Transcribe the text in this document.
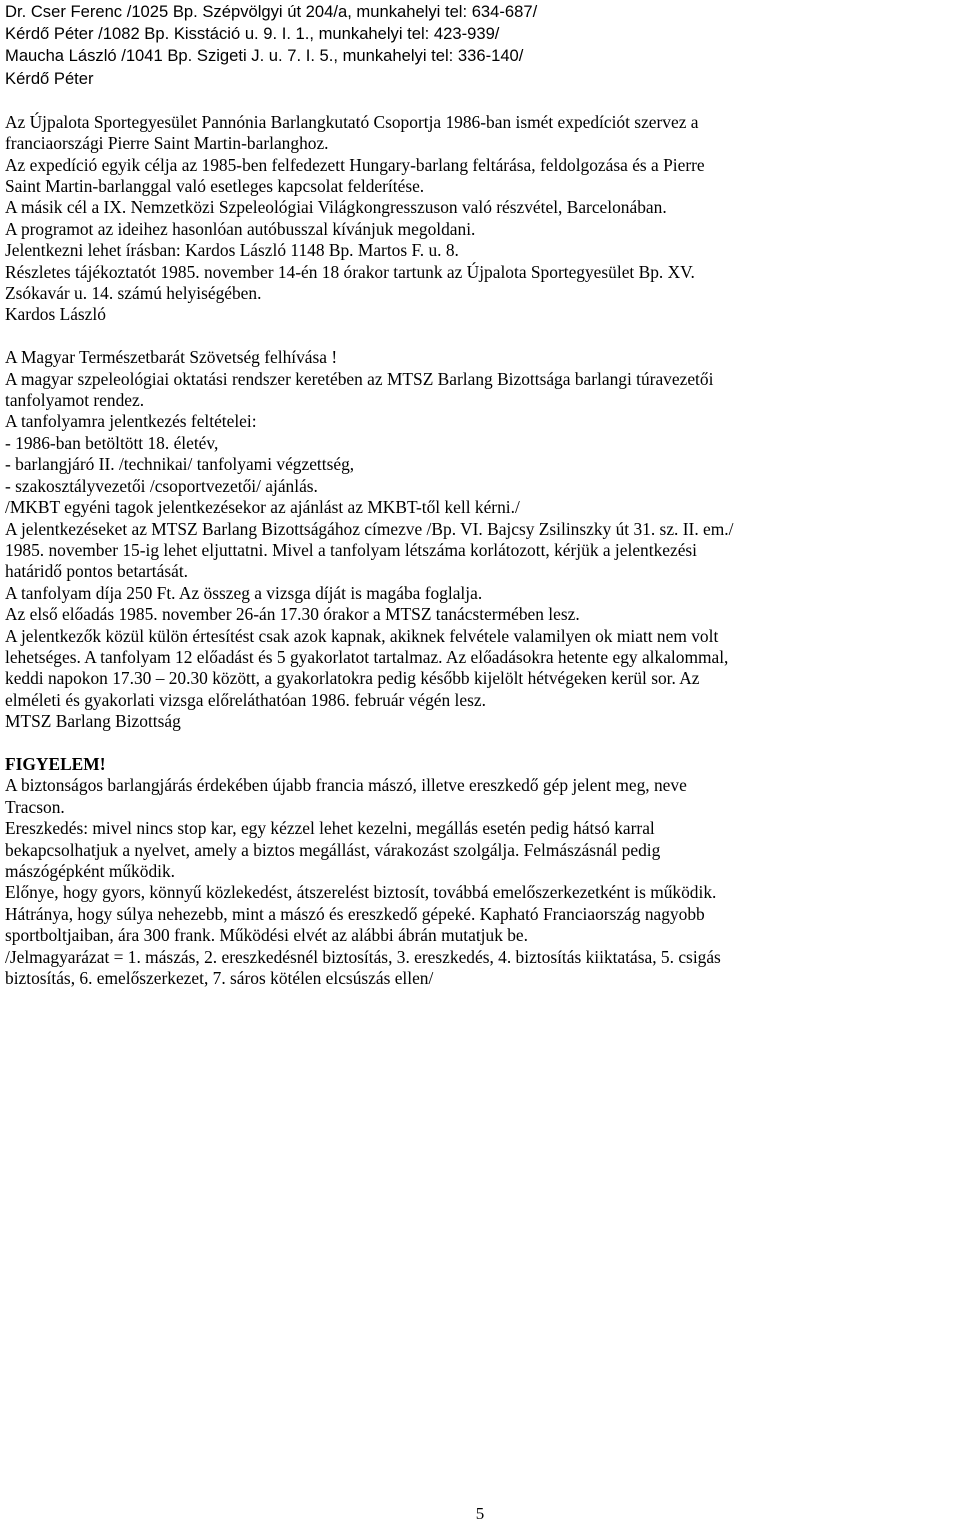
Dr. Cser Ferenc /1025 Bp. Szépvölgyi út 204/a, munkahelyi tel: 634-687/
Kérdő Péter /1082 Bp. Kisstáció u. 9. I. 1., munkahelyi tel: 423-939/
Maucha László /1041 Bp. Szigeti J. u. 7. I. 5., munkahelyi tel: 336-140/
Kérdő Péter
Az Újpalota Sportegyesület Pannónia Barlangkutató Csoportja 1986-ban ismét expedíciót szervez a
franciaországi Pierre Saint Martin-barlanghoz.
Az expedíció egyik célja az 1985-ben felfedezett Hungary-barlang feltárása, feldolgozása és a Pierre
Saint Martin-barlanggal való esetleges kapcsolat felderítése.
A másik cél a IX. Nemzetközi Szpeleológiai Világkongresszuson való részvétel, Barcelonában.
A programot az ideihez hasonlóan autóbusszal kívánjuk megoldani.
Jelentkezni lehet írásban: Kardos László 1148 Bp. Martos F. u. 8.
Részletes tájékoztatót 1985. november 14-én 18 órakor tartunk az Újpalota Sportegyesület Bp. XV.
Zsókavár u. 14. számú helyiségében.
Kardos László
A Magyar Természetbarát Szövetség felhívása !
A magyar szpeleológiai oktatási rendszer keretében az MTSZ Barlang Bizottsága barlangi túravezetői
tanfolyamot rendez.
A tanfolyamra jelentkezés feltételei:
- 1986-ban betöltött 18. életév,
- barlangjáró II. /technikai/ tanfolyami végzettség,
- szakosztályvezetői /csoportvezetői/ ajánlás.
/MKBT egyéni tagok jelentkezésekor az ajánlást az MKBT-től kell kérni./
A jelentkezéseket az MTSZ Barlang Bizottságához címezve /Bp. VI. Bajcsy Zsilinszky út 31. sz. II. em./
1985. november 15-ig lehet eljuttatni. Mivel a tanfolyam létszáma korlátozott, kérjük a jelentkezési
határidő pontos betartását.
A tanfolyam díja 250 Ft. Az összeg a vizsga díját is magába foglalja.
Az első előadás 1985. november 26-án 17.30 órakor a MTSZ tanácstermében lesz.
A jelentkezők közül külön értesítést csak azok kapnak, akiknek felvétele valamilyen ok miatt nem volt
lehetséges. A tanfolyam 12 előadást és 5 gyakorlatot tartalmaz. Az előadásokra hetente egy alkalommal,
keddi napokon 17.30 – 20.30 között, a gyakorlatokra pedig később kijelölt hétvégeken kerül sor. Az
elméleti és gyakorlati vizsga előreláthatóan 1986. február végén lesz.
MTSZ Barlang Bizottság
FIGYELEM!
A biztonságos barlangjárás érdekében újabb francia mászó, illetve ereszkedő gép jelent meg, neve
Tracson.
Ereszkedés: mivel nincs stop kar, egy kézzel lehet kezelni, megállás esetén pedig hátsó karral
bekapcsolhatjuk a nyelvet, amely a biztos megállást, várakozást szolgálja. Felmászásnál pedig
mászógépként működik.
Előnye, hogy gyors, könnyű közlekedést, átszerelést biztosít, továbbá emelőszerkezetként is működik.
Hátránya, hogy súlya nehezebb, mint a mászó és ereszkedő gépeké. Kapható Franciaország nagyobb
sportboltjaiban, ára 300 frank. Működési elvét az alábbi ábrán mutatjuk be.
/Jelmagyarázat = 1. mászás, 2. ereszkedésnél biztosítás, 3. ereszkedés, 4. biztosítás kiiktatása, 5. csigás
biztosítás, 6. emelőszerkezet, 7. sáros kötélen elcsúszás ellen/
5
